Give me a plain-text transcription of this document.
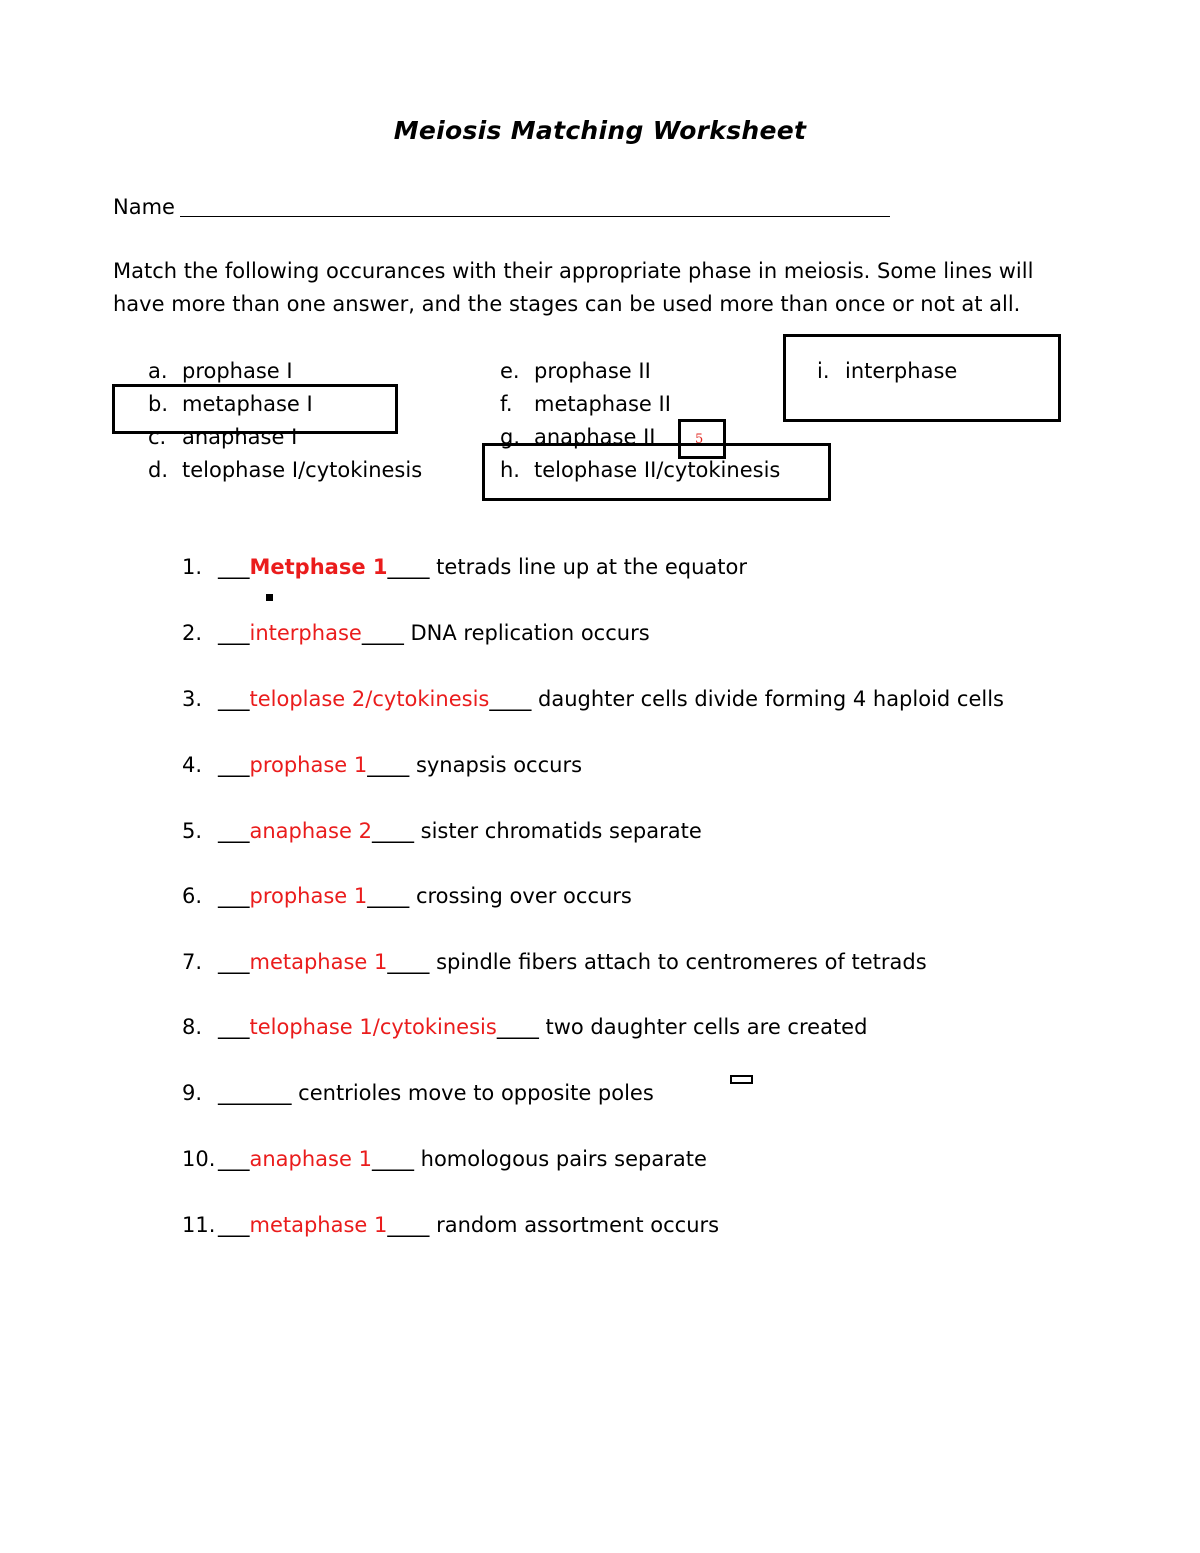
Meiosis Matching Worksheet
Name
Match the following occurances with their appropriate phase in meiosis. Some lines will
have more than one answer, and the stages can be used more than once or not at all.
a. prophase I
b. metaphase I
c. anaphase I
d. telophase I/cytokinesis
e. prophase II
f. metaphase II
g. anaphase II
h. telophase II/cytokinesis
i. interphase
5
1. ___Metphase 1____ tetrads line up at the equator
2. ___interphase____ DNA replication occurs
3. ___teloplase 2/cytokinesis____ daughter cells divide forming 4 haploid cells
4. ___prophase 1____ synapsis occurs
5. ___anaphase 2____ sister chromatids separate
6. ___prophase 1____ crossing over occurs
7. ___metaphase 1____ spindle fibers attach to centromeres of tetrads
8. ___telophase 1/cytokinesis____ two daughter cells are created
9. _______ centrioles move to opposite poles
10. ___anaphase 1____ homologous pairs separate
11. ___metaphase 1____ random assortment occurs
